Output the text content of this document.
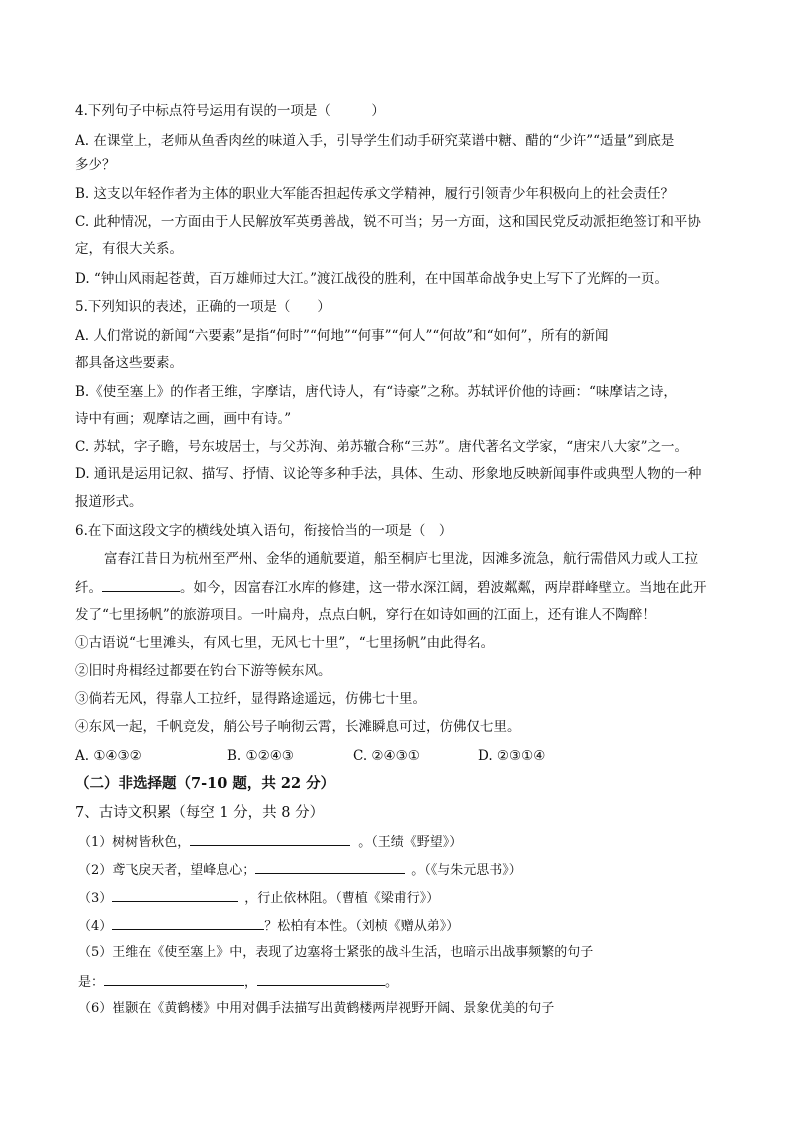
4.下列句子中标点符号运用有误的一项是（　　　）
A. 在课堂上，老师从鱼香肉丝的味道入手，引导学生们动手研究菜谱中糖、醋的“少许”“适量”到底是
多少？
B. 这支以年轻作者为主体的职业大军能否担起传承文学精神，履行引领青少年积极向上的社会责任？
C. 此种情况，一方面由于人民解放军英勇善战，锐不可当；另一方面，这和国民党反动派拒绝签订和平协
定，有很大关系。
D. “钟山风雨起苍黄，百万雄师过大江。”渡江战役的胜利，在中国革命战争史上写下了光辉的一页。
5.下列知识的表述，正确的一项是（　　）
A. 人们常说的新闻“六要素”是指“何时”“何地”“何事”“何人”“何故”和“如何”，所有的新闻
都具备这些要素。
B.《使至塞上》的作者王维，字摩诘，唐代诗人，有“诗豪”之称。苏轼评价他的诗画：“味摩诘之诗，
诗中有画；观摩诘之画，画中有诗。”
C. 苏轼，字子瞻，号东坡居士，与父苏洵、弟苏辙合称“三苏”。唐代著名文学家，“唐宋八大家”之一。
D. 通讯是运用记叙、描写、抒情、议论等多种手法，具体、生动、形象地反映新闻事件或典型人物的一种
报道形式。
6.在下面这段文字的横线处填入语句，衔接恰当的一项是（　）
富春江昔日为杭州至严州、金华的通航要道，船至桐庐七里泷，因滩多流急，航行需借风力或人工拉
纤。	。如今，因富春江水库的修建，这一带水深江阔，碧波粼粼，两岸群峰壁立。当地在此开
发了“七里扬帆”的旅游项目。一叶扁舟，点点白帆，穿行在如诗如画的江面上，还有谁人不陶醉！
①古语说“七里滩头，有风七里，无风七十里”，“七里扬帆”由此得名。
②旧时舟楫经过都要在钓台下游等候东风。
③倘若无风，得靠人工拉纤，显得路途遥远，仿佛七十里。
④东风一起，千帆竞发，艄公号子响彻云霄，长滩瞬息可过，仿佛仅七里。
A. ①④③②	B. ①②④③	C. ②④③①	D. ②③①④
（二）非选择题（7-10 题，共 22 分）
7、古诗文积累（每空 1 分，共 8 分）
（1）树树皆秋色，	。（王绩《野望》）
（2）鸢飞戾天者，望峰息心；	。（《与朱元思书》）
（3）	，行止依林阻。（曹植《梁甫行》）
（4）	？松柏有本性。（刘桢《赠从弟》）
（5）王维在《使至塞上》中，表现了边塞将士紧张的战斗生活，也暗示出战事频繁的句子
是：	，	。
（6）崔颢在《黄鹤楼》中用对偶手法描写出黄鹤楼两岸视野开阔、景象优美的句子
